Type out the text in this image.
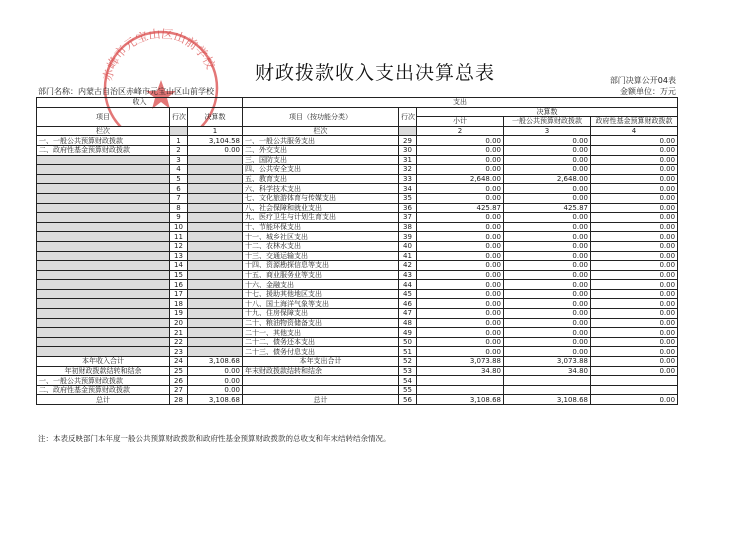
赤峰市元宝山区山前学校	财政拨款收入支出决算总表	部门决算公开04表
金额单位：万元
部门名称：内蒙古自治区赤峰市元宝山区山前学校
收入			支出				
项目	行次	决算数	项目（按功能分类）	行次	决算数		
					小计	一般公共预算财政拨款	政府性基金预算财政拨款
栏次		1	栏次		2	3	4
一、一般公共预算财政拨款	1	3,104.58	一、一般公共服务支出	29	0.00	0.00	0.00
二、政府性基金预算财政拨款	2	0.00	二、外交支出	30	0.00	0.00	0.00
	3		三、国防支出	31	0.00	0.00	0.00
	4		四、公共安全支出	32	0.00	0.00	0.00
	5		五、教育支出	33	2,648.00	2,648.00	0.00
	6		六、科学技术支出	34	0.00	0.00	0.00
	7		七、文化旅游体育与传媒支出	35	0.00	0.00	0.00
	8		八、社会保障和就业支出	36	425.87	425.87	0.00
	9		九、医疗卫生与计划生育支出	37	0.00	0.00	0.00
	10		十、节能环保支出	38	0.00	0.00	0.00
	11		十一、城乡社区支出	39	0.00	0.00	0.00
	12		十二、农林水支出	40	0.00	0.00	0.00
	13		十三、交通运输支出	41	0.00	0.00	0.00
	14		十四、资源勘探信息等支出	42	0.00	0.00	0.00
	15		十五、商业服务业等支出	43	0.00	0.00	0.00
	16		十六、金融支出	44	0.00	0.00	0.00
	17		十七、援助其他地区支出	45	0.00	0.00	0.00
	18		十八、国土海洋气象等支出	46	0.00	0.00	0.00
	19		十九、住房保障支出	47	0.00	0.00	0.00
	20		二十、粮油物资储备支出	48	0.00	0.00	0.00
	21		二十一、其他支出	49	0.00	0.00	0.00
	22		二十二、债务还本支出	50	0.00	0.00	0.00
	23		二十三、债务付息支出	51	0.00	0.00	0.00
本年收入合计	24	3,108.68	本年支出合计	52	3,073.88	3,073.88	0.00
年初财政拨款结转和结余	25	0.00	年末财政拨款结转和结余	53	34.80	34.80	0.00
一、一般公共预算财政拨款	26	0.00		54			
二、政府性基金预算财政拨款	27	0.00		55			
总计	28	3,108.68	总计	56	3,108.68	3,108.68	0.00
注：本表反映部门本年度一般公共预算财政拨款和政府性基金预算财政拨款的总收支和年末结转结余情况。
